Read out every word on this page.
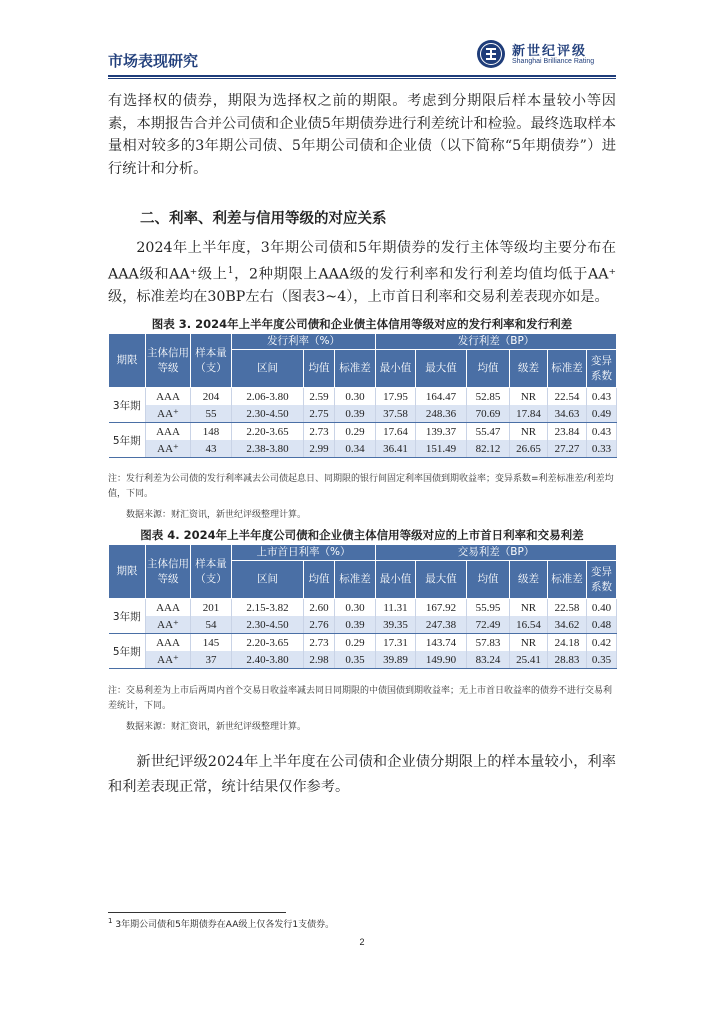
市场表现研究
新世纪评级
Shanghai Brilliance Rating

有选择权的债券，期限为选择权之前的期限。考虑到分期限后样本量较小等因素，本期报告合并公司债和企业债5年期债券进行利差统计和检验。最终选取样本量相对较多的3年期公司债、5年期公司债和企业债（以下简称“5年期债券”）进行统计和分析。

二、利率、利差与信用等级的对应关系

2024年上半年度，3年期公司债和5年期债券的发行主体等级均主要分布在AAA级和AA⁺级上$^1$，2种期限上AAA级的发行利率和发行利差均值均低于AA⁺级，标准差均在30BP左右（图表3~4），上市首日利率和交易利差表现亦如是。

图表 3. 2024年上半年度公司债和企业债主体信用等级对应的发行利率和发行利差

期限	主体信用等级	样本量（支）	发行利率（%）			发行利差（BP）					
			区间	均值	标准差	最小值	最大值	均值	级差	标准差	变异系数
3年期	AAA	204	2.06-3.80	2.59	0.30	17.95	164.47	52.85	NR	22.54	0.43
	AA⁺	55	2.30-4.50	2.75	0.39	37.58	248.36	70.69	17.84	34.63	0.49
5年期	AAA	148	2.20-3.65	2.73	0.29	17.64	139.37	55.47	NR	23.84	0.43
	AA⁺	43	2.38-3.80	2.99	0.34	36.41	151.49	82.12	26.65	27.27	0.33

注：发行利差为公司债的发行利率减去公司债起息日、同期限的银行间固定利率国债到期收益率；变异系数=利差标准差/利差均值，下同。

数据来源：财汇资讯，新世纪评级整理计算。

图表 4. 2024年上半年度公司债和企业债主体信用等级对应的上市首日利率和交易利差

期限	主体信用等级	样本量（支）	上市首日利率（%）			交易利差（BP）					
			区间	均值	标准差	最小值	最大值	均值	级差	标准差	变异系数
3年期	AAA	201	2.15-3.82	2.60	0.30	11.31	167.92	55.95	NR	22.58	0.40
	AA⁺	54	2.30-4.50	2.76	0.39	39.35	247.38	72.49	16.54	34.62	0.48
5年期	AAA	145	2.20-3.65	2.73	0.29	17.31	143.74	57.83	NR	24.18	0.42
	AA⁺	37	2.40-3.80	2.98	0.35	39.89	149.90	83.24	25.41	28.83	0.35

注：交易利差为上市后两周内首个交易日收益率减去同日同期限的中债国债到期收益率；无上市首日收益率的债券不进行交易利差统计，下同。

数据来源：财汇资讯，新世纪评级整理计算。

新世纪评级2024年上半年度在公司债和企业债分期限上的样本量较小，利率和利差表现正常，统计结果仅作参考。

$^1$ 3年期公司债和5年期债券在AA级上仅各发行1支债券。

2
